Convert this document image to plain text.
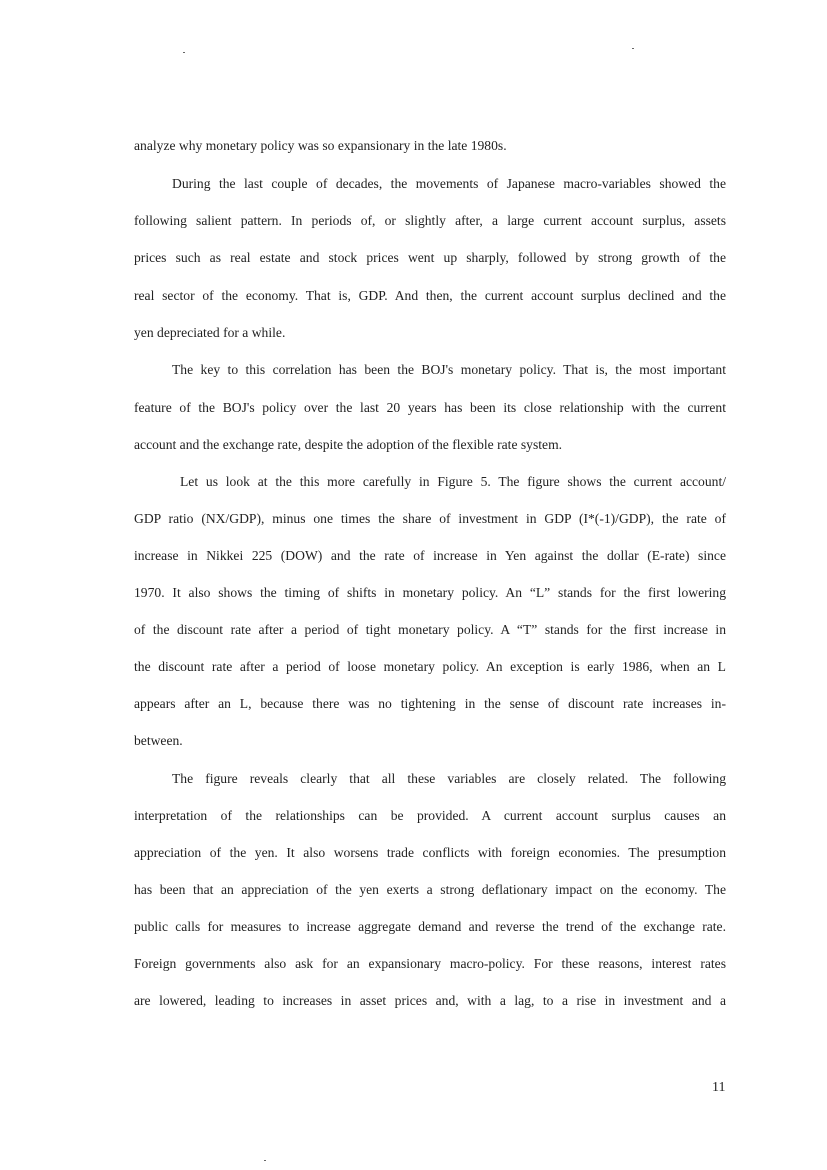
analyze why monetary policy was so expansionary in the late 1980s.
During the last couple of decades, the movements of Japanese macro-variables showed the
following salient pattern. In periods of, or slightly after, a large current account surplus, assets
prices such as real estate and stock prices went up sharply, followed by strong growth of the
real sector of the economy. That is, GDP. And then, the current account surplus declined and the
yen depreciated for a while.
The key to this correlation has been the BOJ's monetary policy. That is, the most important
feature of the BOJ's policy over the last 20 years has been its close relationship with the current
account and the exchange rate, despite the adoption of the flexible rate system.
Let us look at the this more carefully in Figure 5. The figure shows the current account/
GDP ratio (NX/GDP), minus one times the share of investment in GDP (I*(-1)/GDP), the rate of
increase in Nikkei 225 (DOW) and the rate of increase in Yen against the dollar (E-rate) since
1970. It also shows the timing of shifts in monetary policy. An “L” stands for the first lowering
of the discount rate after a period of tight monetary policy. A “T” stands for the first increase in
the discount rate after a period of loose monetary policy. An exception is early 1986, when an L
appears after an L, because there was no tightening in the sense of discount rate increases in-
between.
The figure reveals clearly that all these variables are closely related. The following
interpretation of the relationships can be provided. A current account surplus causes an
appreciation of the yen. It also worsens trade conflicts with foreign economies. The presumption
has been that an appreciation of the yen exerts a strong deflationary impact on the economy. The
public calls for measures to increase aggregate demand and reverse the trend of the exchange rate.
Foreign governments also ask for an expansionary macro-policy. For these reasons, interest rates
are lowered, leading to increases in asset prices and, with a lag, to a rise in investment and a
11
